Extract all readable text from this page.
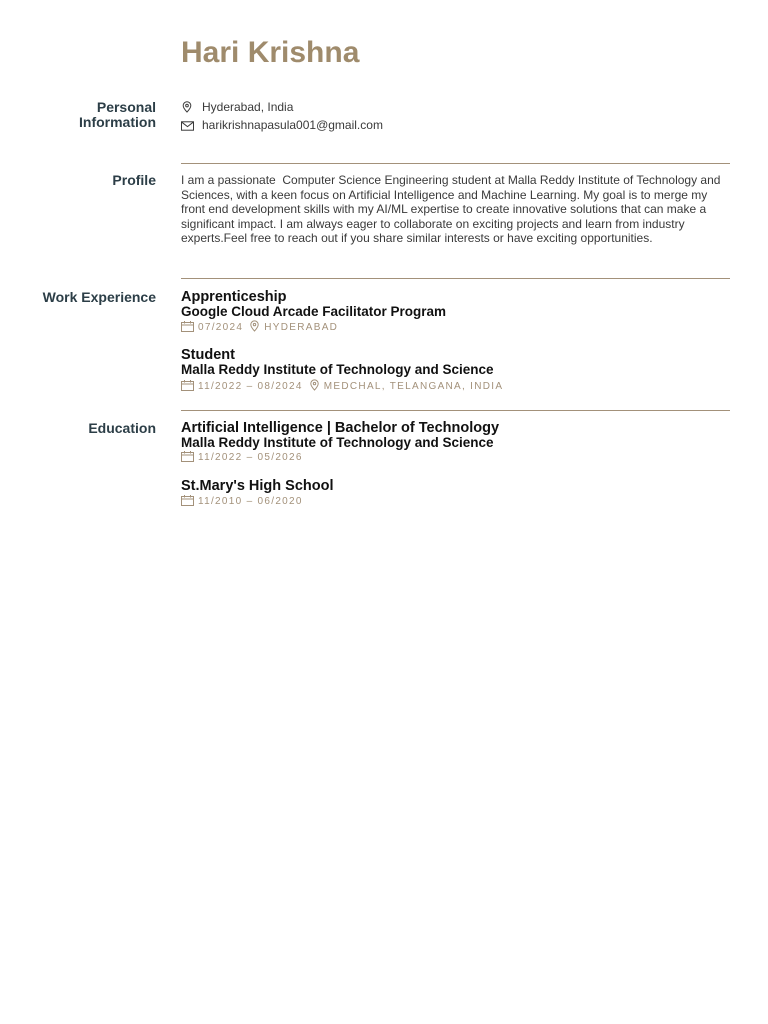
Hari Krishna
Personal
Information
Hyderabad, India
harikrishnapasula001@gmail.com
Profile I am a passionate  Computer Science Engineering student at Malla Reddy Institute of Technology and Sciences, with a keen focus on Artificial Intelligence and Machine Learning. My goal is to merge my front end development skills with my AI/ML expertise to create innovative solutions that can make a significant impact. I am always eager to collaborate on exciting projects and learn from industry experts.Feel free to reach out if you share similar interests or have exciting opportunities.
Work Experience Apprenticeship
Google Cloud Arcade Facilitator Program
07/2024 HYDERABAD
Student
Malla Reddy Institute of Technology and Science
11/2022 – 08/2024 MEDCHAL, TELANGANA, INDIA
Education Artificial Intelligence | Bachelor of Technology
Malla Reddy Institute of Technology and Science
11/2022 – 05/2026
St.Mary's High School
11/2010 – 06/2020
